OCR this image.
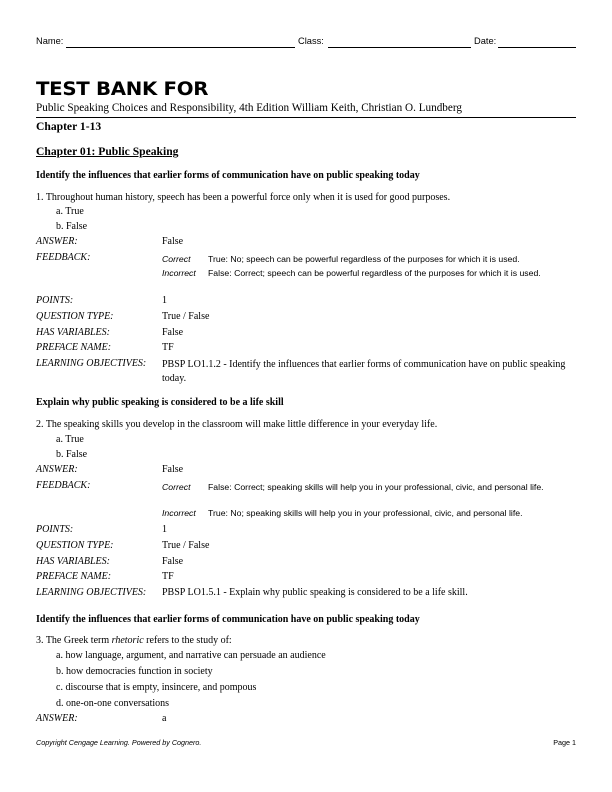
Name:	Class:	Date:
TEST BANK FOR
Public Speaking Choices and Responsibility, 4th Edition William Keith, Christian O. Lundberg
Chapter 1-13
Chapter 01: Public Speaking
Identify the influences that earlier forms of communication have on public speaking today
1. Throughout human history, speech has been a powerful force only when it is used for good purposes.
a. True
b. False
ANSWER:	False
FEEDBACK:	Correct True: No; speech can be powerful regardless of the purposes for which it is used.
Incorrect False: Correct; speech can be powerful regardless of the purposes for which it is used.
POINTS:	1
QUESTION TYPE:	True / False
HAS VARIABLES:	False
PREFACE NAME:	TF
LEARNING OBJECTIVES: PBSP LO1.1.2 - Identify the influences that earlier forms of communication have on public speaking today.
Explain why public speaking is considered to be a life skill
2. The speaking skills you develop in the classroom will make little difference in your everyday life.
a. True
b. False
ANSWER:	False
FEEDBACK:	Correct False: Correct; speaking skills will help you in your professional, civic, and personal life.
Incorrect True: No; speaking skills will help you in your professional, civic, and personal life.
POINTS:	1
QUESTION TYPE:	True / False
HAS VARIABLES:	False
PREFACE NAME:	TF
LEARNING OBJECTIVES: PBSP LO1.5.1 - Explain why public speaking is considered to be a life skill.
Identify the influences that earlier forms of communication have on public speaking today
3. The Greek term rhetoric refers to the study of:
a. how language, argument, and narrative can persuade an audience
b. how democracies function in society
c. discourse that is empty, insincere, and pompous
d. one-on-one conversations
ANSWER:	a
Copyright Cengage Learning. Powered by Cognero.	Page 1
